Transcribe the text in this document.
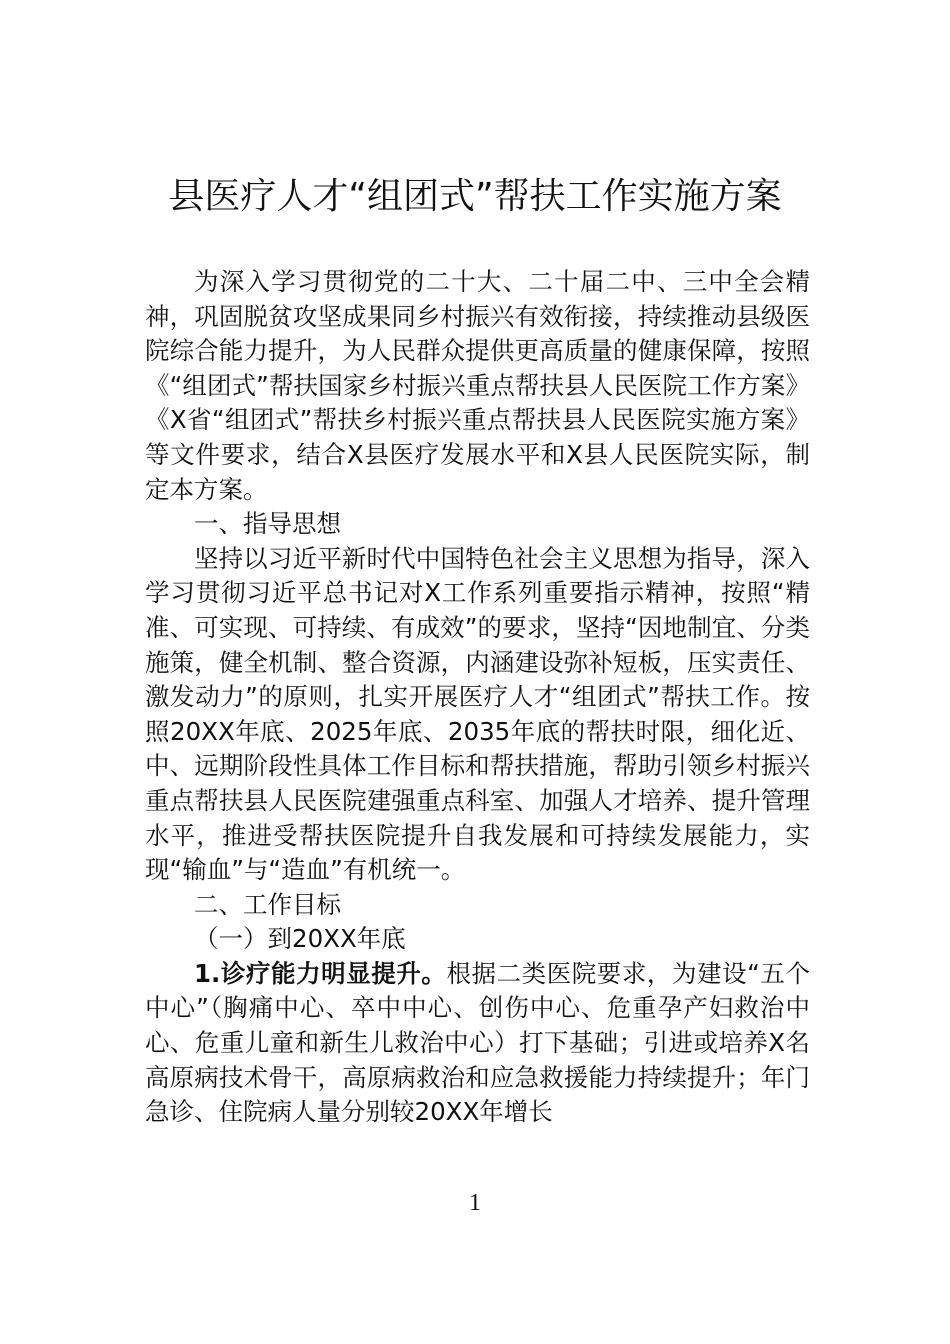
县医疗人才“组团式”帮扶工作实施方案

为深入学习贯彻党的二十大、二十届二中、三中全会精神，巩固脱贫攻坚成果同乡村振兴有效衔接，持续推动县级医院综合能力提升，为人民群众提供更高质量的健康保障，按照《“组团式”帮扶国家乡村振兴重点帮扶县人民医院工作方案》《X省“组团式”帮扶乡村振兴重点帮扶县人民医院实施方案》等文件要求，结合X县医疗发展水平和X县人民医院实际，制定本方案。

一、指导思想

坚持以习近平新时代中国特色社会主义思想为指导，深入学习贯彻习近平总书记对X工作系列重要指示精神，按照“精准、可实现、可持续、有成效”的要求，坚持“因地制宜、分类施策，健全机制、整合资源，内涵建设弥补短板，压实责任、激发动力”的原则，扎实开展医疗人才“组团式”帮扶工作。按照20XX年底、2025年底、2035年底的帮扶时限，细化近、中、远期阶段性具体工作目标和帮扶措施，帮助引领乡村振兴重点帮扶县人民医院建强重点科室、加强人才培养、提升管理水平，推进受帮扶医院提升自我发展和可持续发展能力，实现“输血”与“造血”有机统一。

二、工作目标

（一）到20XX年底

1.诊疗能力明显提升。根据二类医院要求，为建设“五个中心”（胸痛中心、卒中中心、创伤中心、危重孕产妇救治中心、危重儿童和新生儿救治中心）打下基础；引进或培养X名高原病技术骨干，高原病救治和应急救援能力持续提升；年门急诊、住院病人量分别较20XX年增长

1
